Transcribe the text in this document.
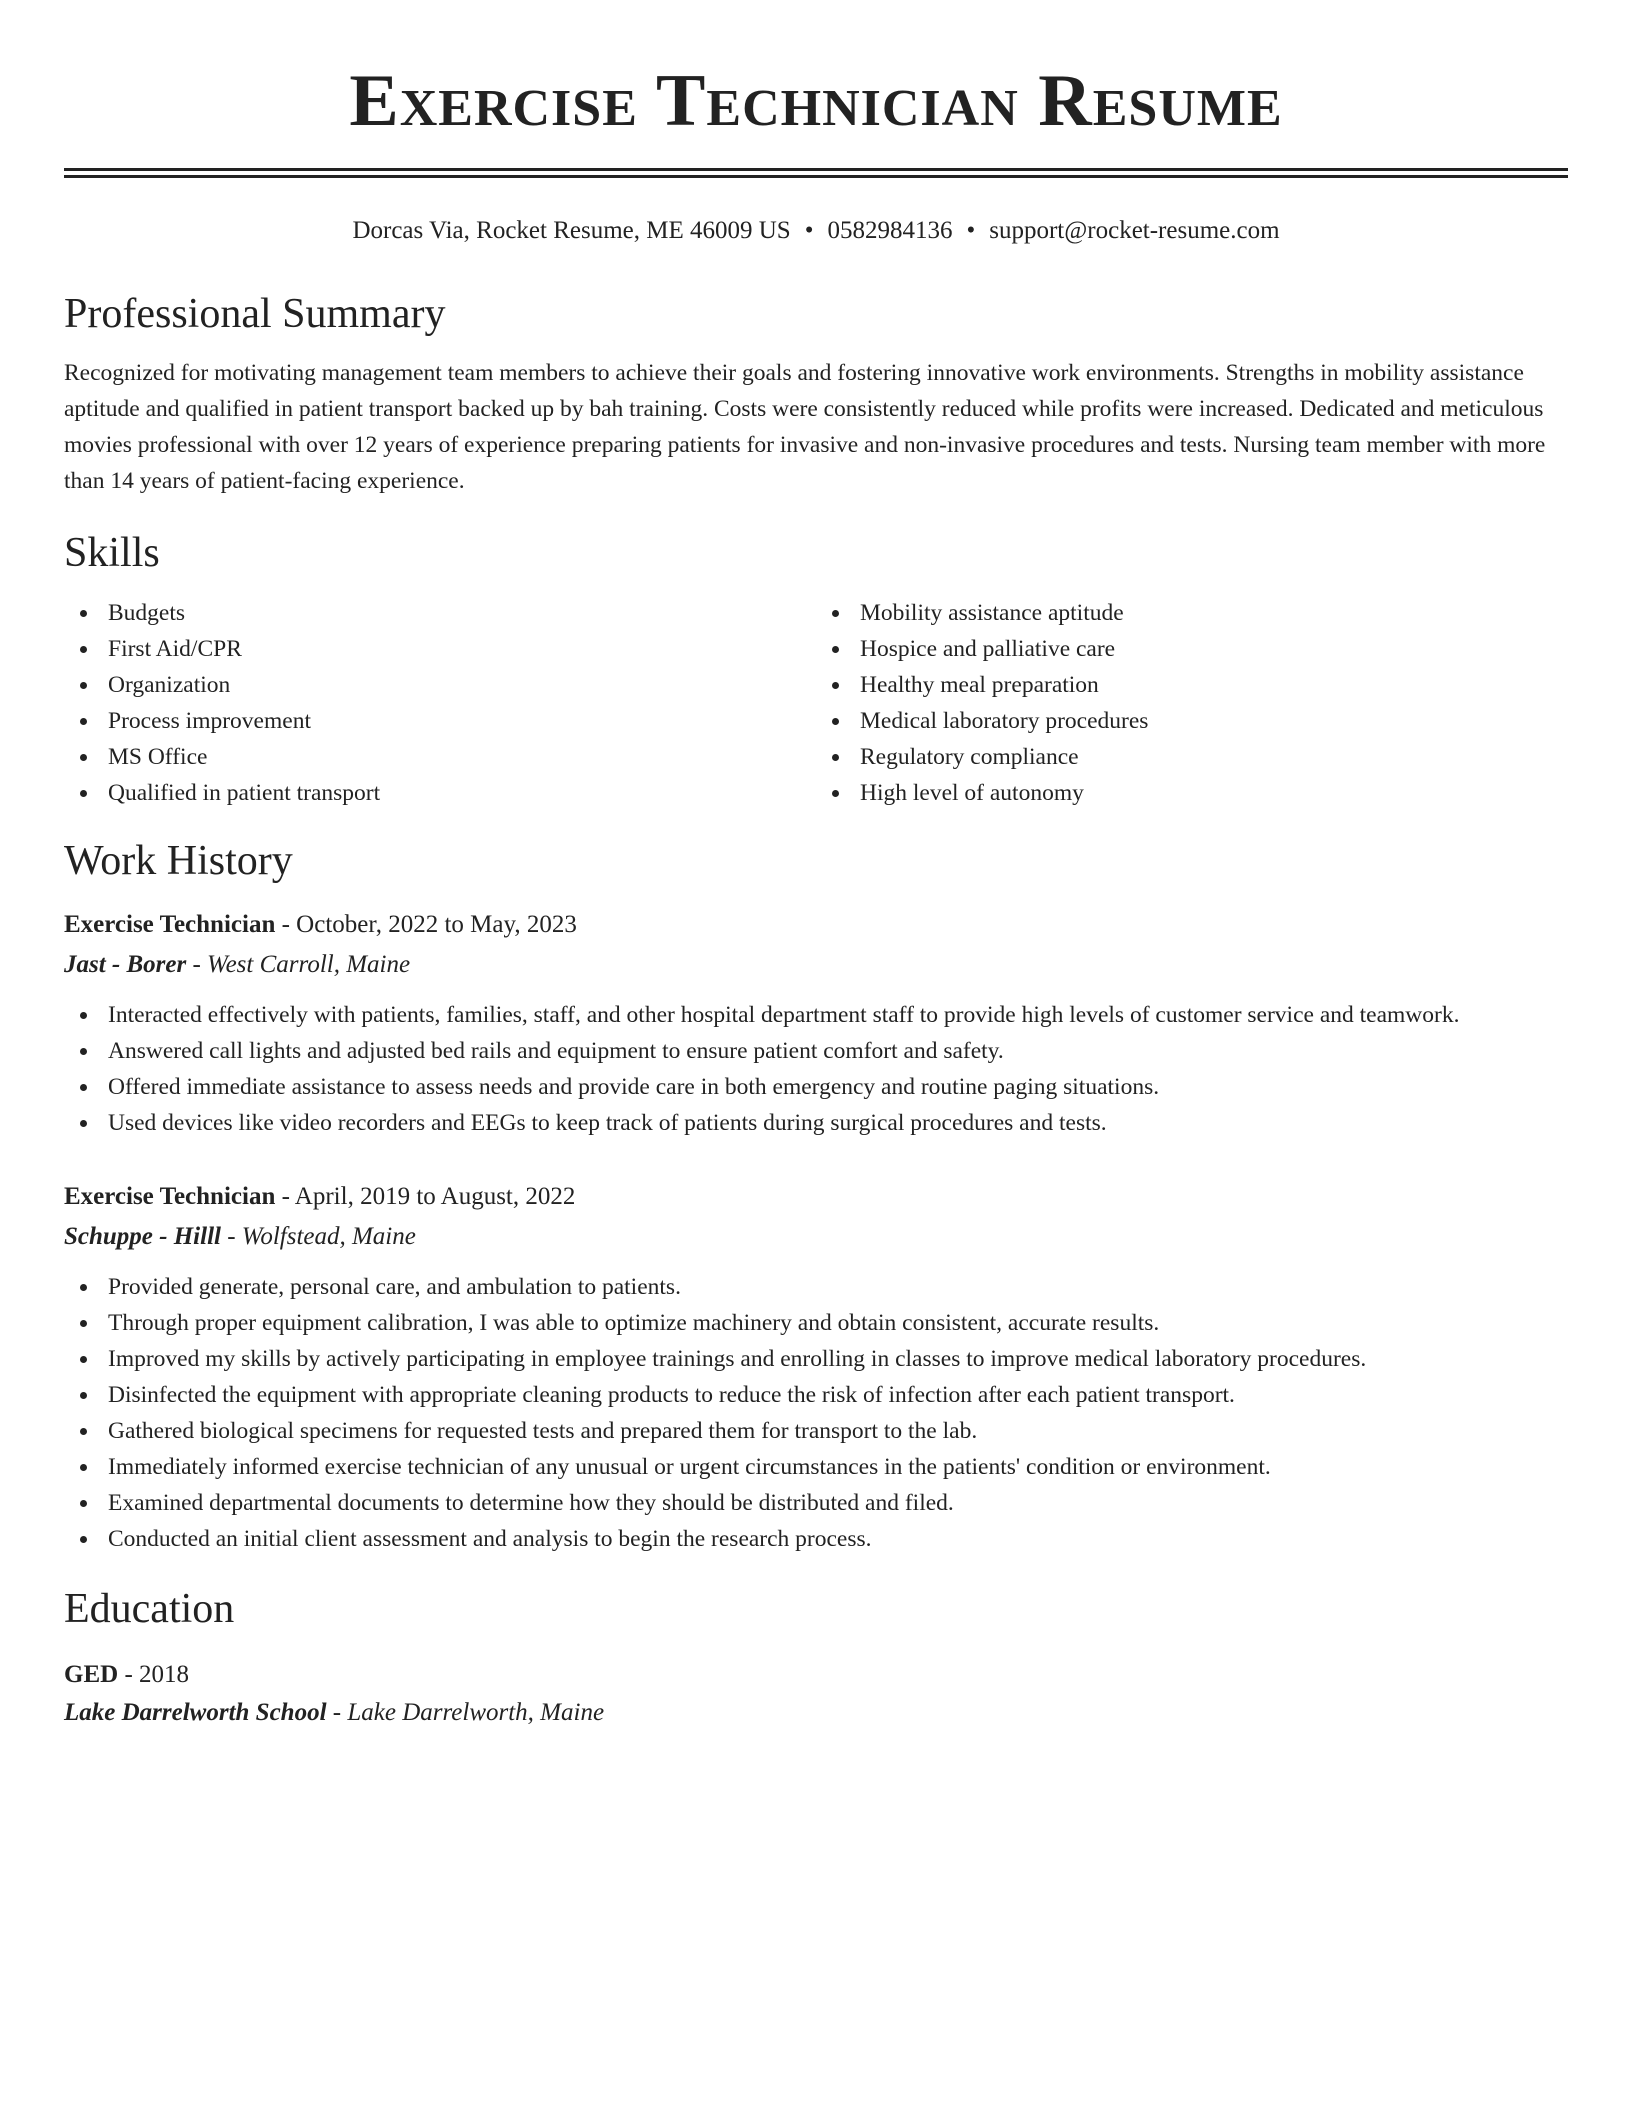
Exercise Technician Resume
Dorcas Via, Rocket Resume, ME 46009 US • 0582984136 • support@rocket-resume.com
Professional Summary

Recognized for motivating management team members to achieve their goals and fostering innovative work environments. Strengths in mobility assistance aptitude and qualified in patient transport backed up by bah training. Costs were consistently reduced while profits were increased. Dedicated and meticulous movies professional with over 12 years of experience preparing patients for invasive and non-invasive procedures and tests. Nursing team member with more than 14 years of patient-facing experience.

Skills
Budgets
First Aid/CPR
Organization
Process improvement
MS Office
Qualified in patient transport
Mobility assistance aptitude
Hospice and palliative care
Healthy meal preparation
Medical laboratory procedures
Regulatory compliance
High level of autonomy
Work History
Exercise Technician - October, 2022 to May, 2023
Jast - Borer - West Carroll, Maine
Interacted effectively with patients, families, staff, and other hospital department staff to provide high levels of customer service and teamwork.
Answered call lights and adjusted bed rails and equipment to ensure patient comfort and safety.
Offered immediate assistance to assess needs and provide care in both emergency and routine paging situations.
Used devices like video recorders and EEGs to keep track of patients during surgical procedures and tests.
Exercise Technician - April, 2019 to August, 2022
Schuppe - Hilll - Wolfstead, Maine
Provided generate, personal care, and ambulation to patients.
Through proper equipment calibration, I was able to optimize machinery and obtain consistent, accurate results.
Improved my skills by actively participating in employee trainings and enrolling in classes to improve medical laboratory procedures.
Disinfected the equipment with appropriate cleaning products to reduce the risk of infection after each patient transport.
Gathered biological specimens for requested tests and prepared them for transport to the lab.
Immediately informed exercise technician of any unusual or urgent circumstances in the patients' condition or environment.
Examined departmental documents to determine how they should be distributed and filed.
Conducted an initial client assessment and analysis to begin the research process.
Education
GED - 2018
Lake Darrelworth School - Lake Darrelworth, Maine
